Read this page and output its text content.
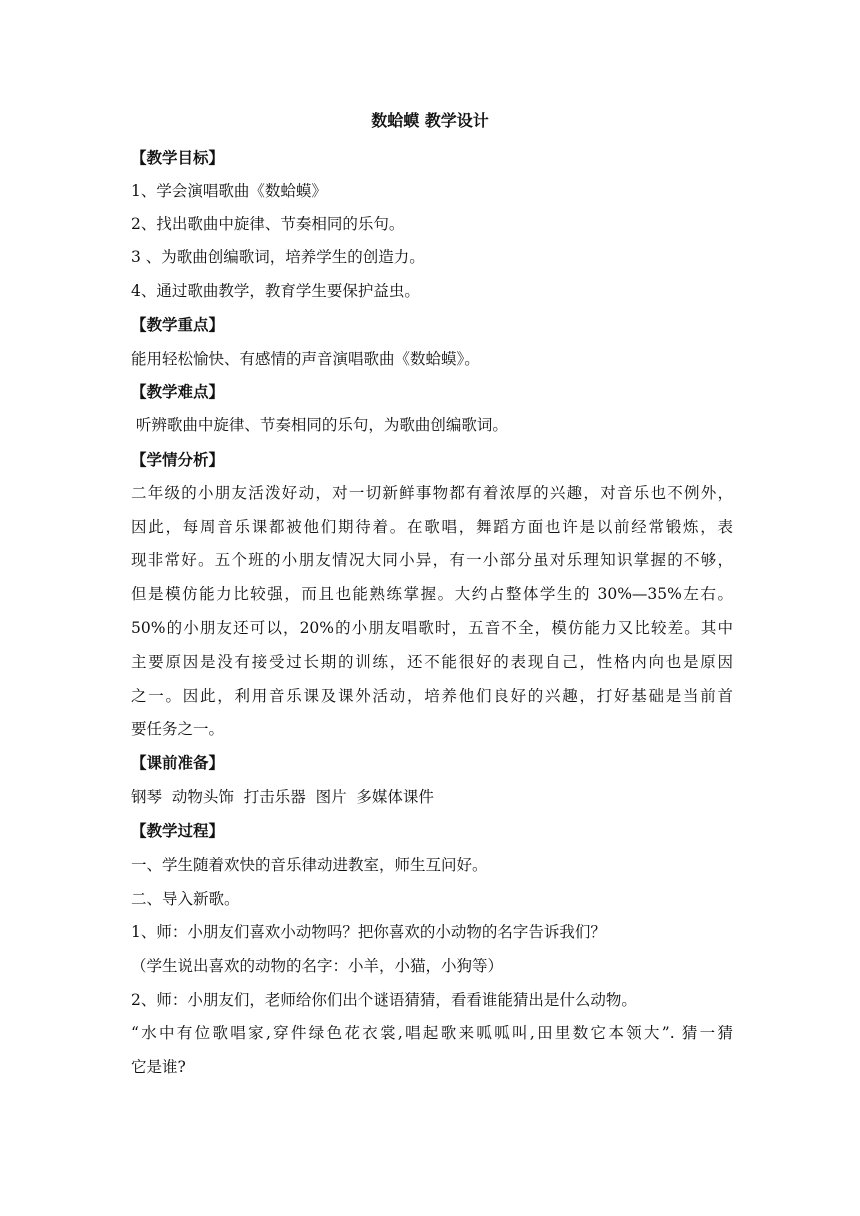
数蛤蟆 教学设计
【教学目标】
1、学会演唱歌曲《数蛤蟆》
2、找出歌曲中旋律、节奏相同的乐句。
3 、为歌曲创编歌词，培养学生的创造力。
4、通过歌曲教学，教育学生要保护益虫。
【教学重点】
能用轻松愉快、有感情的声音演唱歌曲《数蛤蟆》。
【教学难点】
听辨歌曲中旋律、节奏相同的乐句，为歌曲创编歌词。
【学情分析】
二年级的小朋友活泼好动，对一切新鲜事物都有着浓厚的兴趣，对音乐也不例外，
因此，每周音乐课都被他们期待着。在歌唱，舞蹈方面也许是以前经常锻炼，表
现非常好。五个班的小朋友情况大同小异，有一小部分虽对乐理知识掌握的不够，
但是模仿能力比较强，而且也能熟练掌握。大约占整体学生的 30%—35%左右。
50%的小朋友还可以，20%的小朋友唱歌时，五音不全，模仿能力又比较差。其中
主要原因是没有接受过长期的训练，还不能很好的表现自己，性格内向也是原因
之一。因此，利用音乐课及课外活动，培养他们良好的兴趣，打好基础是当前首
要任务之一。
【课前准备】
钢琴  动物头饰  打击乐器  图片  多媒体课件
【教学过程】
一、学生随着欢快的音乐律动进教室，师生互问好。
二、导入新歌。
1、师：小朋友们喜欢小动物吗？把你喜欢的小动物的名字告诉我们？
（学生说出喜欢的动物的名字：小羊，小猫，小狗等）
2、师：小朋友们，老师给你们出个谜语猜猜，看看谁能猜出是什么动物。
“水中有位歌唱家,穿件绿色花衣裳,唱起歌来呱呱叫,田里数它本领大”. 猜一猜
它是谁?
